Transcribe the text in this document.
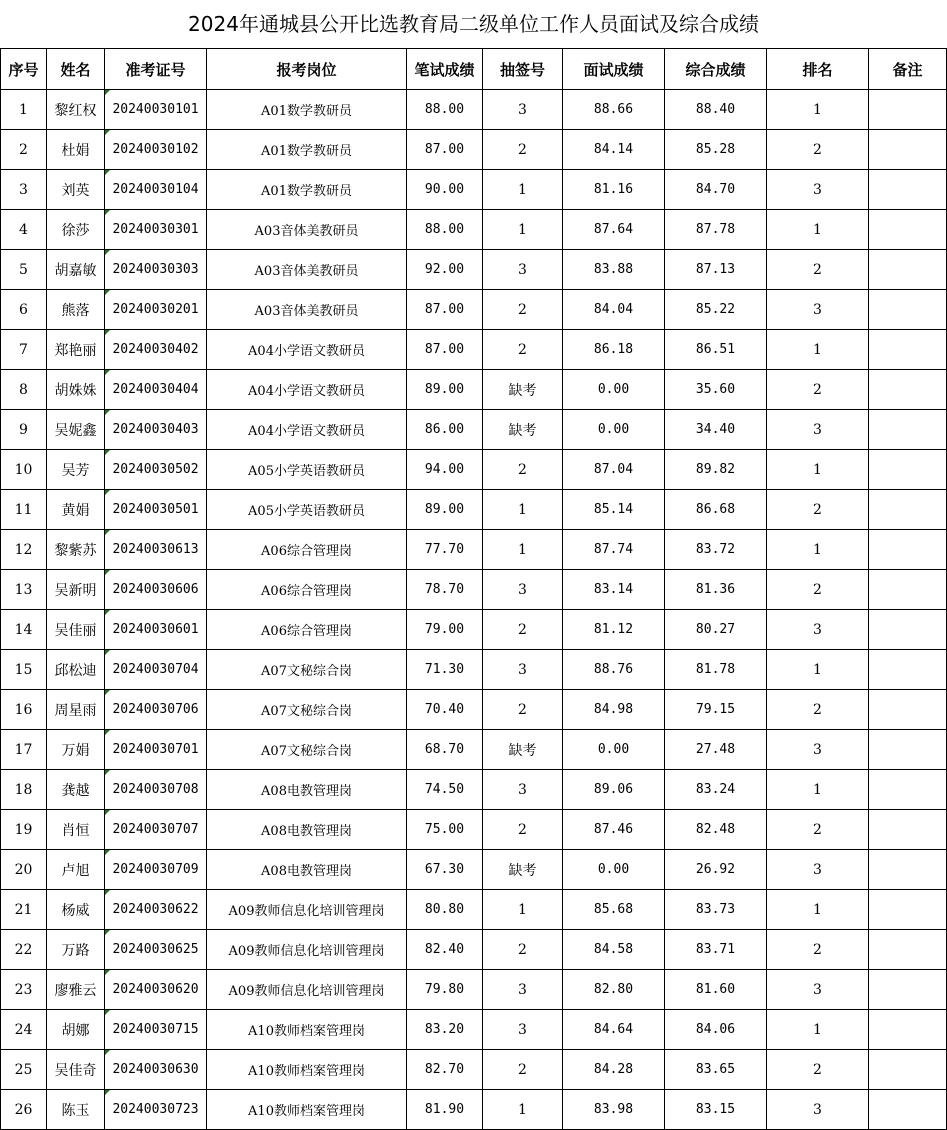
2024年通城县公开比选教育局二级单位工作人员面试及综合成绩
序号	姓名	准考证号	报考岗位	笔试成绩	抽签号	面试成绩	综合成绩	排名	备注
1	黎红权	20240030101	A01数学教研员	88.00	3	88.66	88.40	1	
2	杜娟	20240030102	A01数学教研员	87.00	2	84.14	85.28	2	
3	刘英	20240030104	A01数学教研员	90.00	1	81.16	84.70	3	
4	徐莎	20240030301	A03音体美教研员	88.00	1	87.64	87.78	1	
5	胡嘉敏	20240030303	A03音体美教研员	92.00	3	83.88	87.13	2	
6	熊落	20240030201	A03音体美教研员	87.00	2	84.04	85.22	3	
7	郑艳丽	20240030402	A04小学语文教研员	87.00	2	86.18	86.51	1	
8	胡姝姝	20240030404	A04小学语文教研员	89.00	缺考	0.00	35.60	2	
9	吴妮鑫	20240030403	A04小学语文教研员	86.00	缺考	0.00	34.40	3	
10	吴芳	20240030502	A05小学英语教研员	94.00	2	87.04	89.82	1	
11	黄娟	20240030501	A05小学英语教研员	89.00	1	85.14	86.68	2	
12	黎紫苏	20240030613	A06综合管理岗	77.70	1	87.74	83.72	1	
13	吴新明	20240030606	A06综合管理岗	78.70	3	83.14	81.36	2	
14	吴佳丽	20240030601	A06综合管理岗	79.00	2	81.12	80.27	3	
15	邱松迪	20240030704	A07文秘综合岗	71.30	3	88.76	81.78	1	
16	周星雨	20240030706	A07文秘综合岗	70.40	2	84.98	79.15	2	
17	万娟	20240030701	A07文秘综合岗	68.70	缺考	0.00	27.48	3	
18	龚越	20240030708	A08电教管理岗	74.50	3	89.06	83.24	1	
19	肖恒	20240030707	A08电教管理岗	75.00	2	87.46	82.48	2	
20	卢旭	20240030709	A08电教管理岗	67.30	缺考	0.00	26.92	3	
21	杨威	20240030622	A09教师信息化培训管理岗	80.80	1	85.68	83.73	1	
22	万路	20240030625	A09教师信息化培训管理岗	82.40	2	84.58	83.71	2	
23	廖雅云	20240030620	A09教师信息化培训管理岗	79.80	3	82.80	81.60	3	
24	胡娜	20240030715	A10教师档案管理岗	83.20	3	84.64	84.06	1	
25	吴佳奇	20240030630	A10教师档案管理岗	82.70	2	84.28	83.65	2	
26	陈玉	20240030723	A10教师档案管理岗	81.90	1	83.98	83.15	3	
